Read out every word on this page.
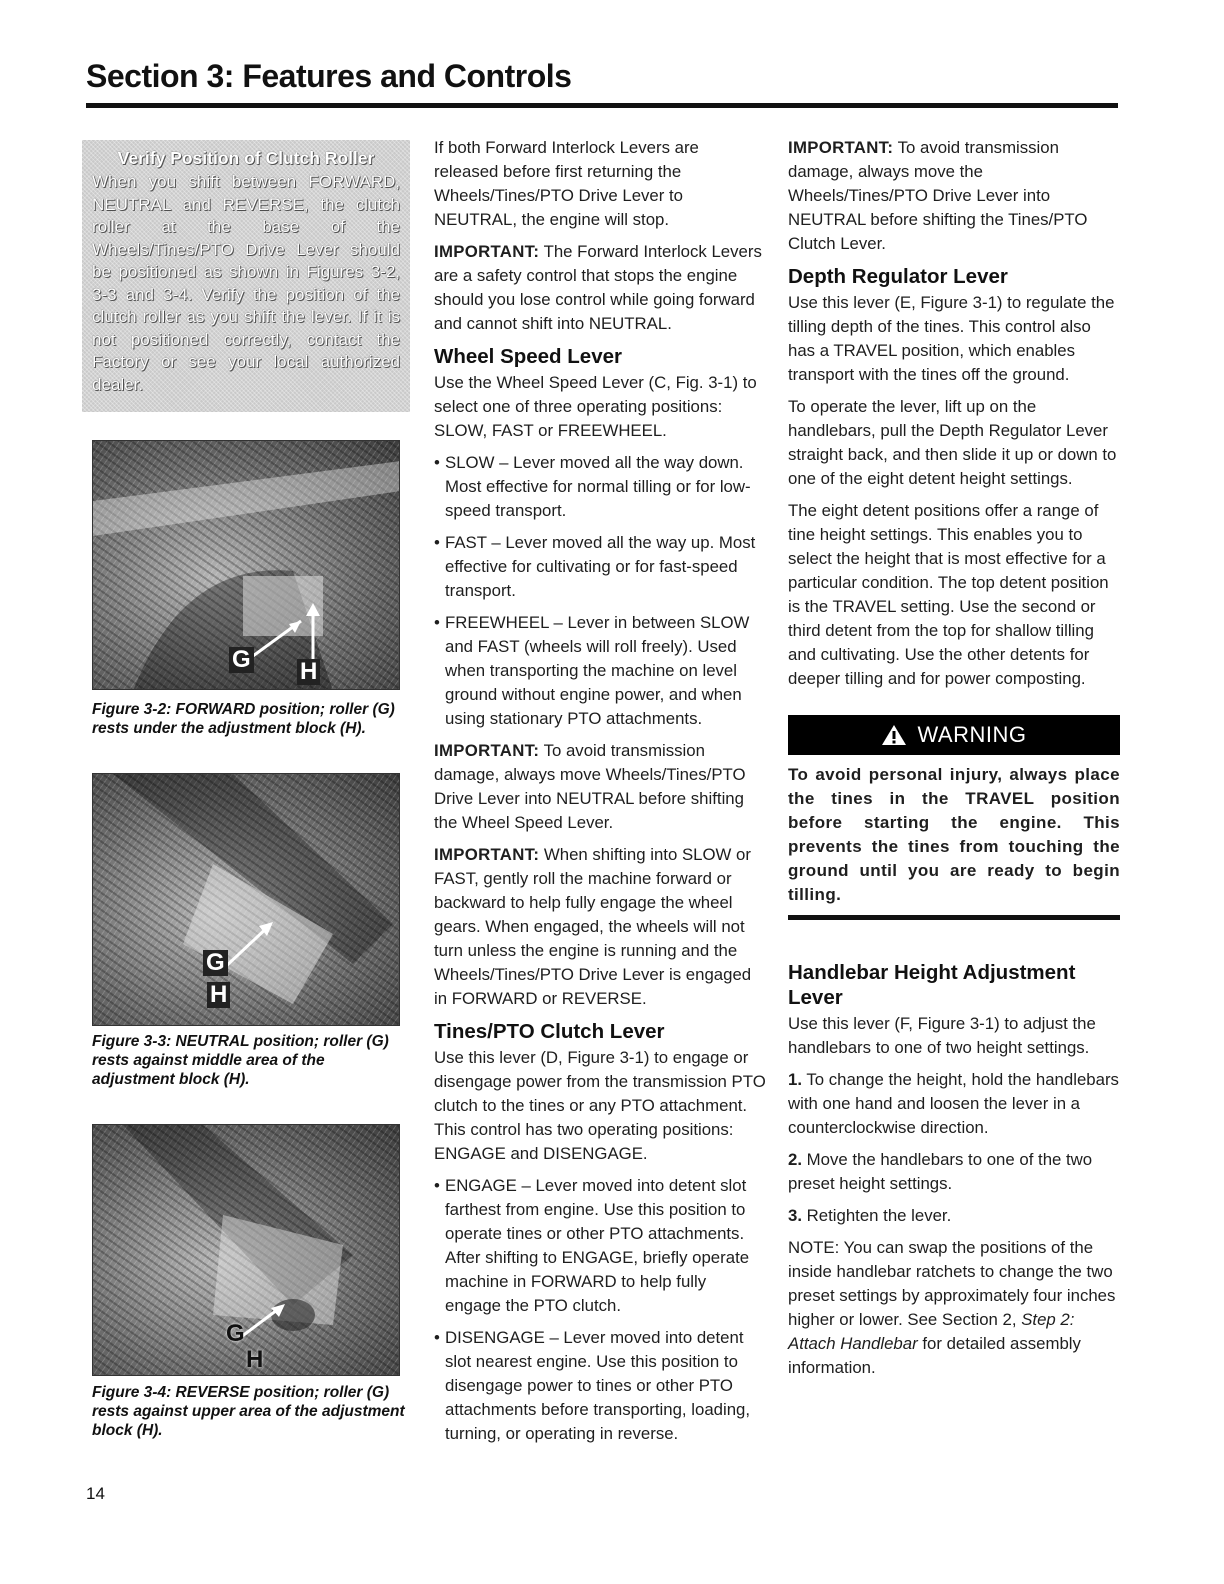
Section 3: Features and Controls
Verify Position of Clutch Roller
When you shift between FORWARD, NEUTRAL and REVERSE, the clutch roller at the base of the Wheels/Tines/PTO Drive Lever should be positioned as shown in Figures 3-2, 3-3 and 3-4. Verify the position of the clutch roller as you shift the lever. If it is not positioned correctly, contact the Factory or see your local authorized dealer.
G H
Figure 3-2: FORWARD position; roller (G) rests under the adjustment block (H).
G
H
Figure 3-3: NEUTRAL position; roller (G) rests against middle area of the adjustment block (H).
G
H
Figure 3-4: REVERSE position; roller (G) rests against upper area of the adjustment block (H).

If both Forward Interlock Levers are released before first returning the Wheels/Tines/PTO Drive Lever to NEUTRAL, the engine will stop.

IMPORTANT: The Forward Interlock Levers are a safety control that stops the engine should you lose control while going forward and cannot shift into NEUTRAL.

Wheel Speed Lever

Use the Wheel Speed Lever (C, Fig. 3-1) to select one of three operating positions: SLOW, FAST or FREEWHEEL.

• SLOW – Lever moved all the way down. Most effective for normal tilling or for low-speed transport.
• FAST – Lever moved all the way up. Most effective for cultivating or for fast-speed transport.
• FREEWHEEL – Lever in between SLOW and FAST (wheels will roll freely). Used when transporting the machine on level ground without engine power, and when using stationary PTO attachments.

IMPORTANT: To avoid transmission damage, always move Wheels/Tines/PTO Drive Lever into NEUTRAL before shifting the Wheel Speed Lever.

IMPORTANT: When shifting into SLOW or FAST, gently roll the machine forward or backward to help fully engage the wheel gears. When engaged, the wheels will not turn unless the engine is running and the Wheels/Tines/PTO Drive Lever is engaged in FORWARD or REVERSE.

Tines/PTO Clutch Lever

Use this lever (D, Figure 3-1) to engage or disengage power from the transmission PTO clutch to the tines or any PTO attachment. This control has two operating positions: ENGAGE and DISENGAGE.

• ENGAGE – Lever moved into detent slot farthest from engine. Use this position to operate tines or other PTO attachments. After shifting to ENGAGE, briefly operate machine in FORWARD to help fully engage the PTO clutch.
• DISENGAGE – Lever moved into detent slot nearest engine. Use this position to disengage power to tines or other PTO attachments before transporting, loading, turning, or operating in reverse.

IMPORTANT: To avoid transmission damage, always move the Wheels/Tines/PTO Drive Lever into NEUTRAL before shifting the Tines/PTO Clutch Lever.

Depth Regulator Lever

Use this lever (E, Figure 3-1) to regulate the tilling depth of the tines. This control also has a TRAVEL position, which enables transport with the tines off the ground.

To operate the lever, lift up on the handlebars, pull the Depth Regulator Lever straight back, and then slide it up or down to one of the eight detent height settings.

The eight detent positions offer a range of tine height settings. This enables you to select the height that is most effective for a particular condition. The top detent position is the TRAVEL setting. Use the second or third detent from the top for shallow tilling and cultivating. Use the other detents for deeper tilling and for power composting.

WARNING
To avoid personal injury, always place the tines in the TRAVEL position before starting the engine. This prevents the tines from touching the ground until you are ready to begin tilling.
Handlebar Height Adjustment Lever

Use this lever (F, Figure 3-1) to adjust the handlebars to one of two height settings.

1. To change the height, hold the handlebars with one hand and loosen the lever in a counterclockwise direction.
2. Move the handlebars to one of the two preset height settings.
3. Retighten the lever.

NOTE: You can swap the positions of the inside handlebar ratchets to change the two preset settings by approximately four inches higher or lower. See Section 2, Step 2: Attach Handlebar for detailed assembly information.

14
